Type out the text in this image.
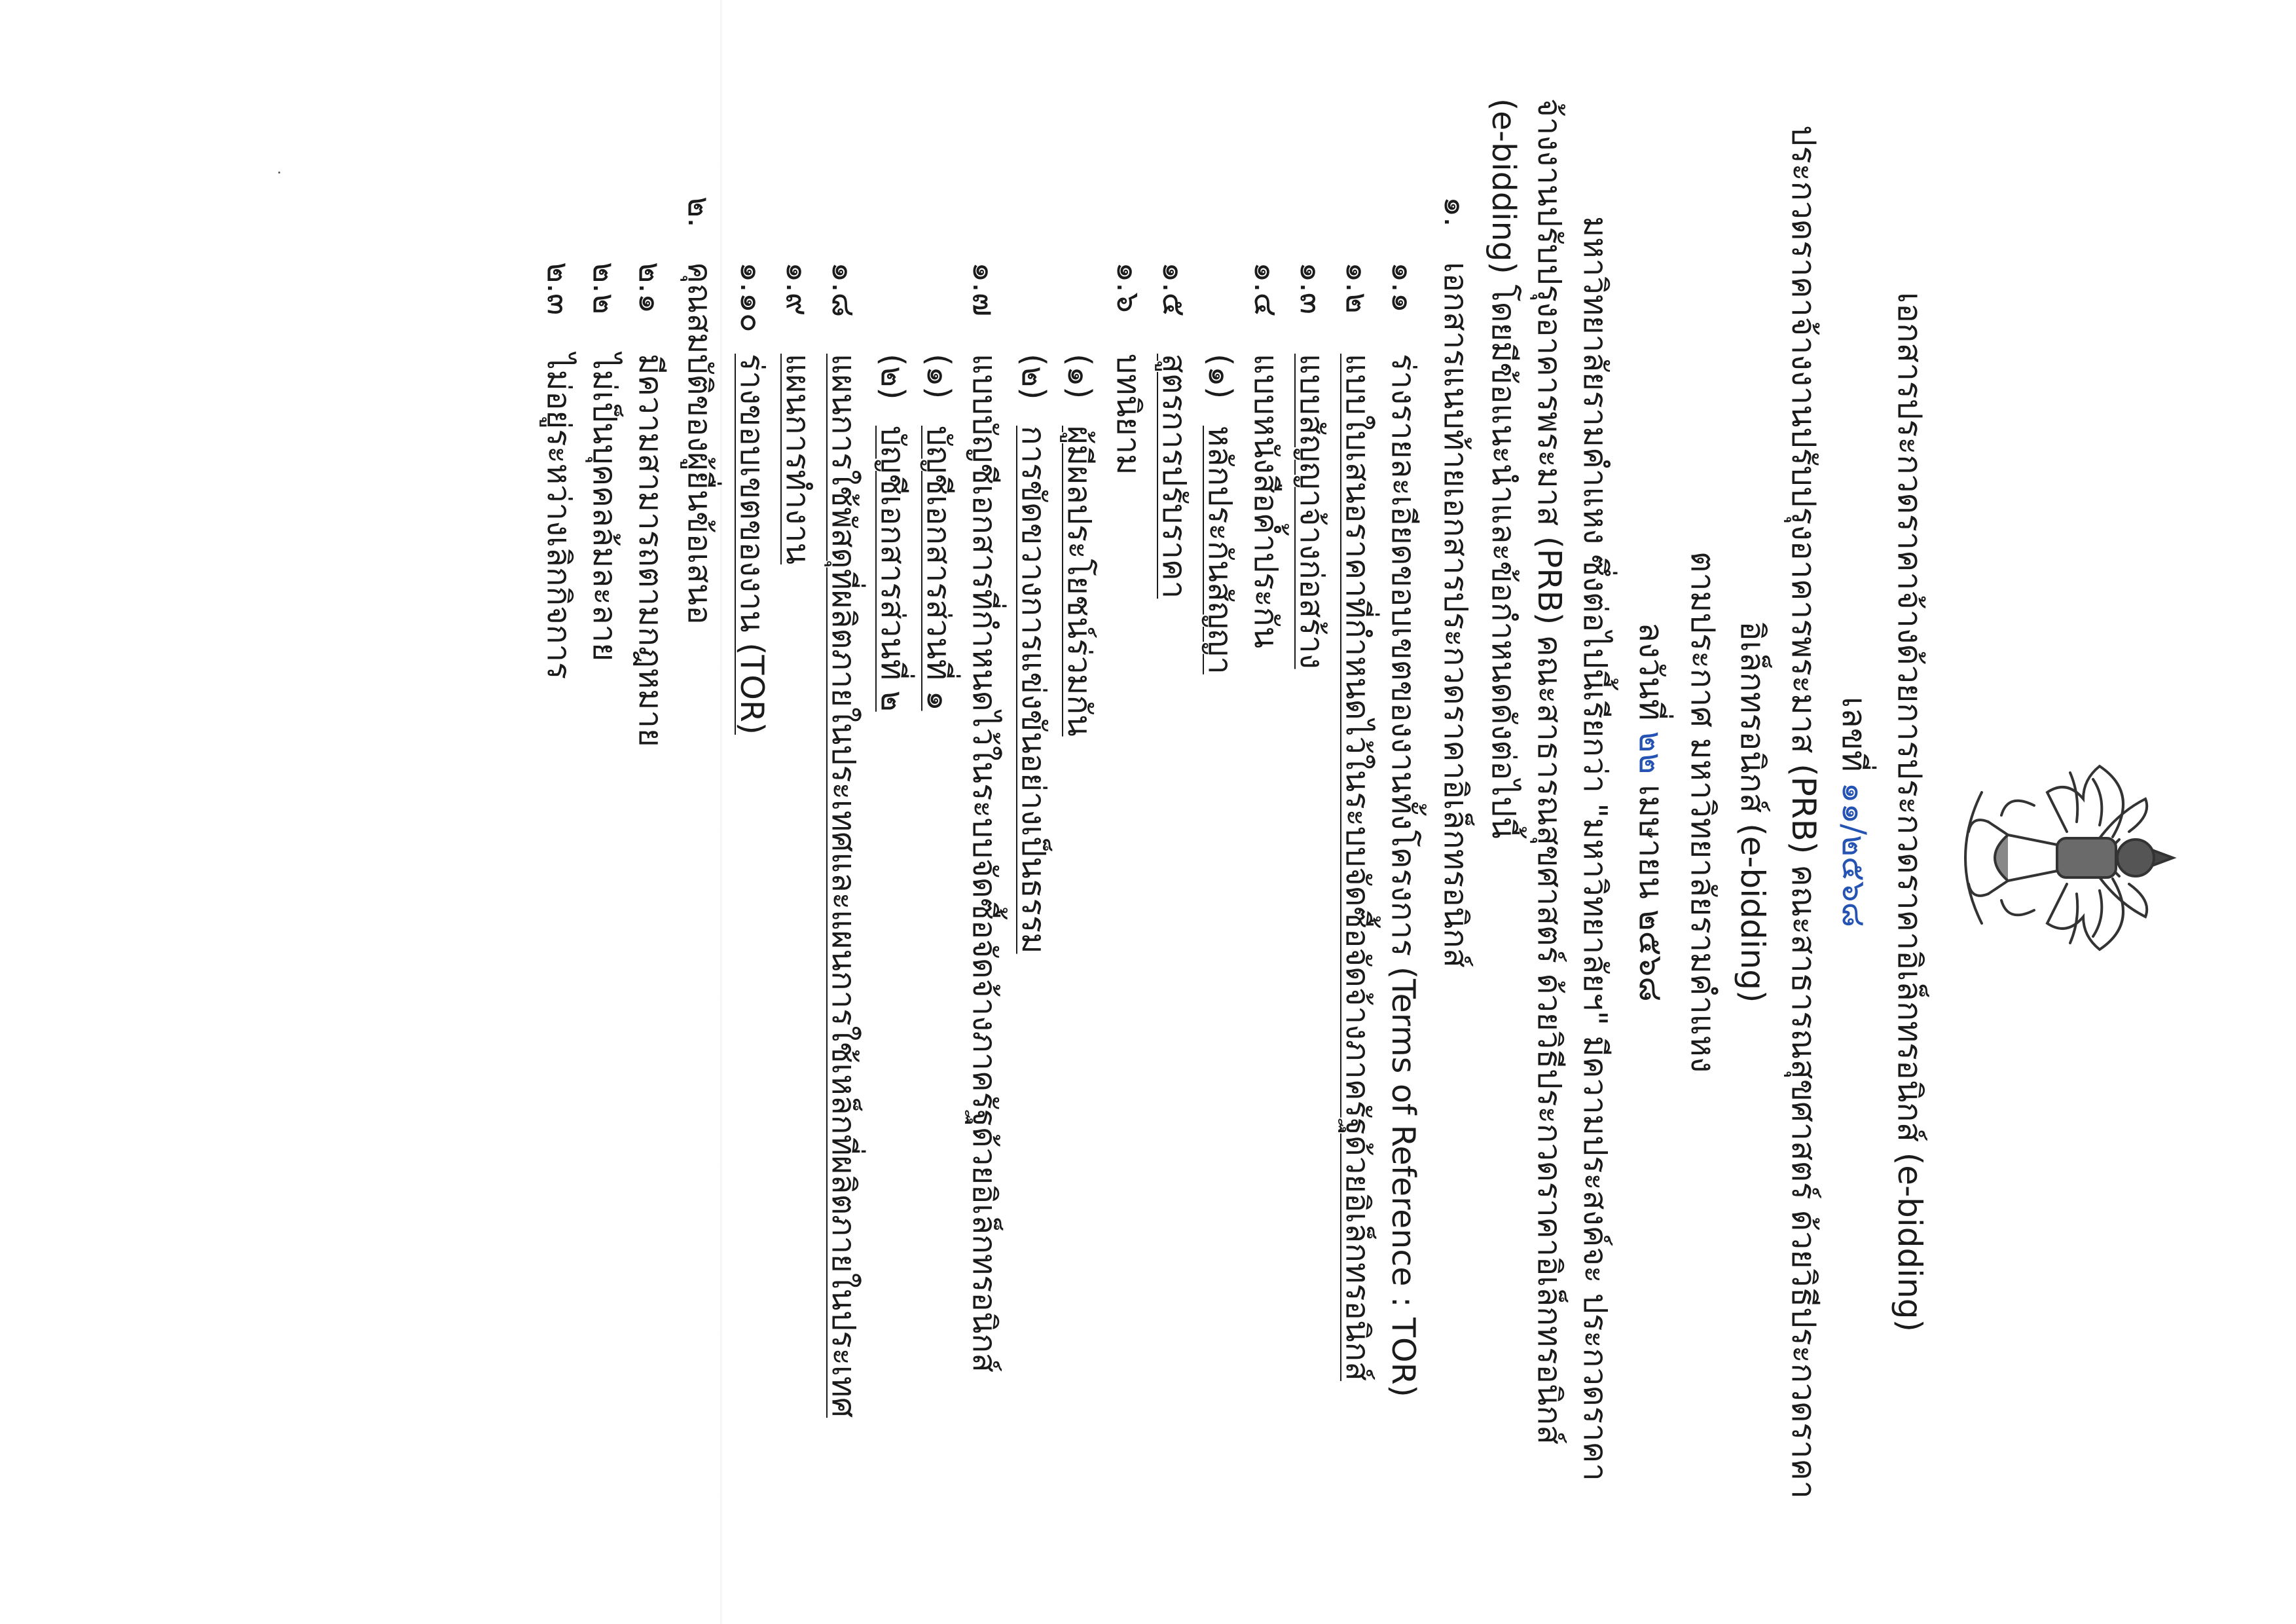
เอกสารประกวดราคาจ้างด้วยการประกวดราคาอิเล็กทรอนิกส์ (e-bidding)
เลขที่ ๑๑/๒๕๖๘
ประกวดราคาจ้างงานปรับปรุงอาคารพระมาส (PRB) คณะสาธารณสุขศาสตร์ ด้วยวิธีประกวดราคา
อิเล็กทรอนิกส์ (e-bidding)
ตามประกาศ มหาวิทยาลัยรามคำแหง
ลงวันที่ ๒๒ เมษายน ๒๕๖๘
มหาวิทยาลัยรามคำแหง ซึ่งต่อไปนี้เรียกว่า "มหาวิทยาลัยฯ" มีความประสงค์จะ ประกวดราคา
จ้างงานปรับปรุงอาคารพระมาส (PRB) คณะสาธารณสุขศาสตร์ ด้วยวิธีประกวดราคาอิเล็กทรอนิกส์
(e-bidding) โดยมีข้อแนะนำและข้อกำหนดดังต่อไปนี้
๑.
เอกสารแนบท้ายเอกสารประกวดราคาอิเล็กทรอนิกส์
๑.๑ร่างรายละเอียดขอบเขตของงานทั้งโครงการ (Terms of Reference : TOR)
๑.๒แบบใบเสนอราคาที่กำหนดไว้ในระบบจัดซื้อจัดจ้างภาครัฐด้วยอิเล็กทรอนิกส์
๑.๓แบบสัญญาจ้างก่อสร้าง
๑.๔แบบหนังสือค้ำประกัน
(๑)หลักประกันสัญญา
๑.๕สูตรการปรับราคา
๑.๖บทนิยาม
(๑)ผู้มีผลประโยชน์ร่วมกัน
(๒)การขัดขวางการแข่งขันอย่างเป็นธรรม
๑.๗แบบบัญชีเอกสารที่กำหนดไว้ในระบบจัดซื้อจัดจ้างภาครัฐด้วยอิเล็กทรอนิกส์
(๑)บัญชีเอกสารส่วนที่ ๑
(๒)บัญชีเอกสารส่วนที่ ๒
๑.๘แผนการใช้พัสดุที่ผลิตภายในประเทศและแผนการใช้เหล็กที่ผลิตภายในประเทศ
๑.๙แผนการทำงาน
๑.๑๐ร่างขอบเขตของงาน (TOR)
๒.
คุณสมบัติของผู้ยื่นข้อเสนอ
๒.๑มีความสามารถตามกฎหมาย
๒.๒ไม่เป็นบุคคลล้มละลาย
๒.๓ไม่อยู่ระหว่างเลิกกิจการ
